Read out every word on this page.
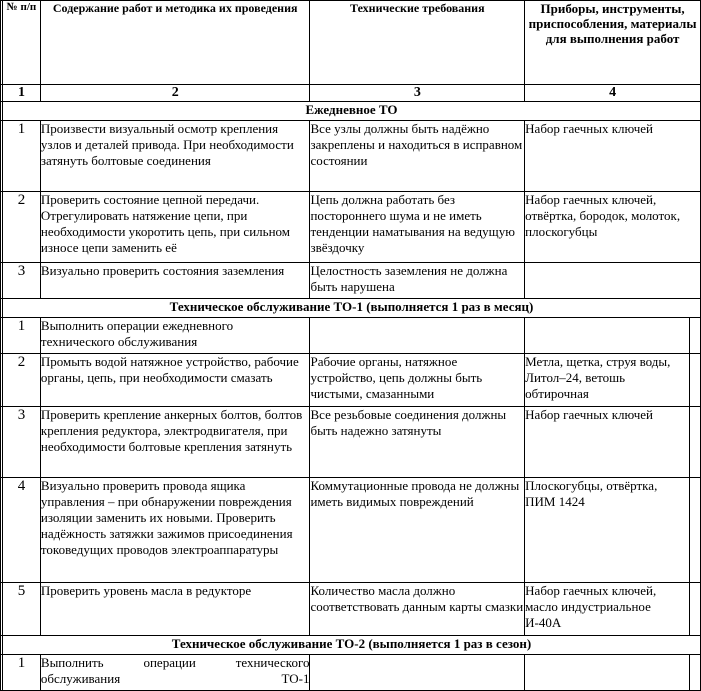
	№ п/п	Содержание работ и методика их проведения	Технические требования	Приборы, инструменты, приспособления, материалы для выполнения работ	
	1	2	3	4	
	Ежедневное ТО				
	1	Произвести визуальный осмотр крепления узлов и деталей привода. При необходимости затянуть болтовые соединения	Все узлы должны быть надёжно закреплены и находиться в исправном состоянии	Набор гаечных ключей	
	2	Проверить состояние цепной передачи. Отрегулировать натяжение цепи, при необходимости укоротить цепь, при сильном износе цепи заменить её	Цепь должна работать без постороннего шума и не иметь тенденции наматывания на ведущую звёздочку	Набор гаечных ключей, отвёртка, бородок, молоток, плоскогубцы	
	3	Визуально проверить состояния заземления	Целостность заземления не должна быть нарушена		
	Техническое обслуживание ТО-1 (выполняется 1 раз в месяц)				
	1	Выполнить операции ежедневного технического обслуживания			
	2	Промыть водой натяжное устройство, рабочие органы, цепь, при необходимости смазать	Рабочие органы, натяжное устройство, цепь должны быть чистыми, смазанными	Метла, щетка, струя воды, Литол–24, ветошь обтирочная	
	3	Проверить крепление анкерных болтов, болтов крепления редуктора, электродвигателя, при необходимости болтовые крепления затянуть	Все резьбовые соединения должны быть надежно затянуты	Набор гаечных ключей	
	4	Визуально проверить провода ящика управления – при обнаружении повреждения изоляции заменить их новыми. Проверить надёжность затяжки зажимов присоединения токоведущих проводов электроаппаратуры	Коммутационные провода не должны иметь видимых повреждений	Плоскогубцы, отвёртка, ПИМ 1424	
	5	Проверить уровень масла в редукторе	Количество масла должно соответствовать данным карты смазки	Набор гаечных ключей, масло индустриальное И-40А	
	Техническое обслуживание ТО-2 (выполняется 1 раз в сезон)				
	1	Выполнить операции технического обслуживания ТО-1			
